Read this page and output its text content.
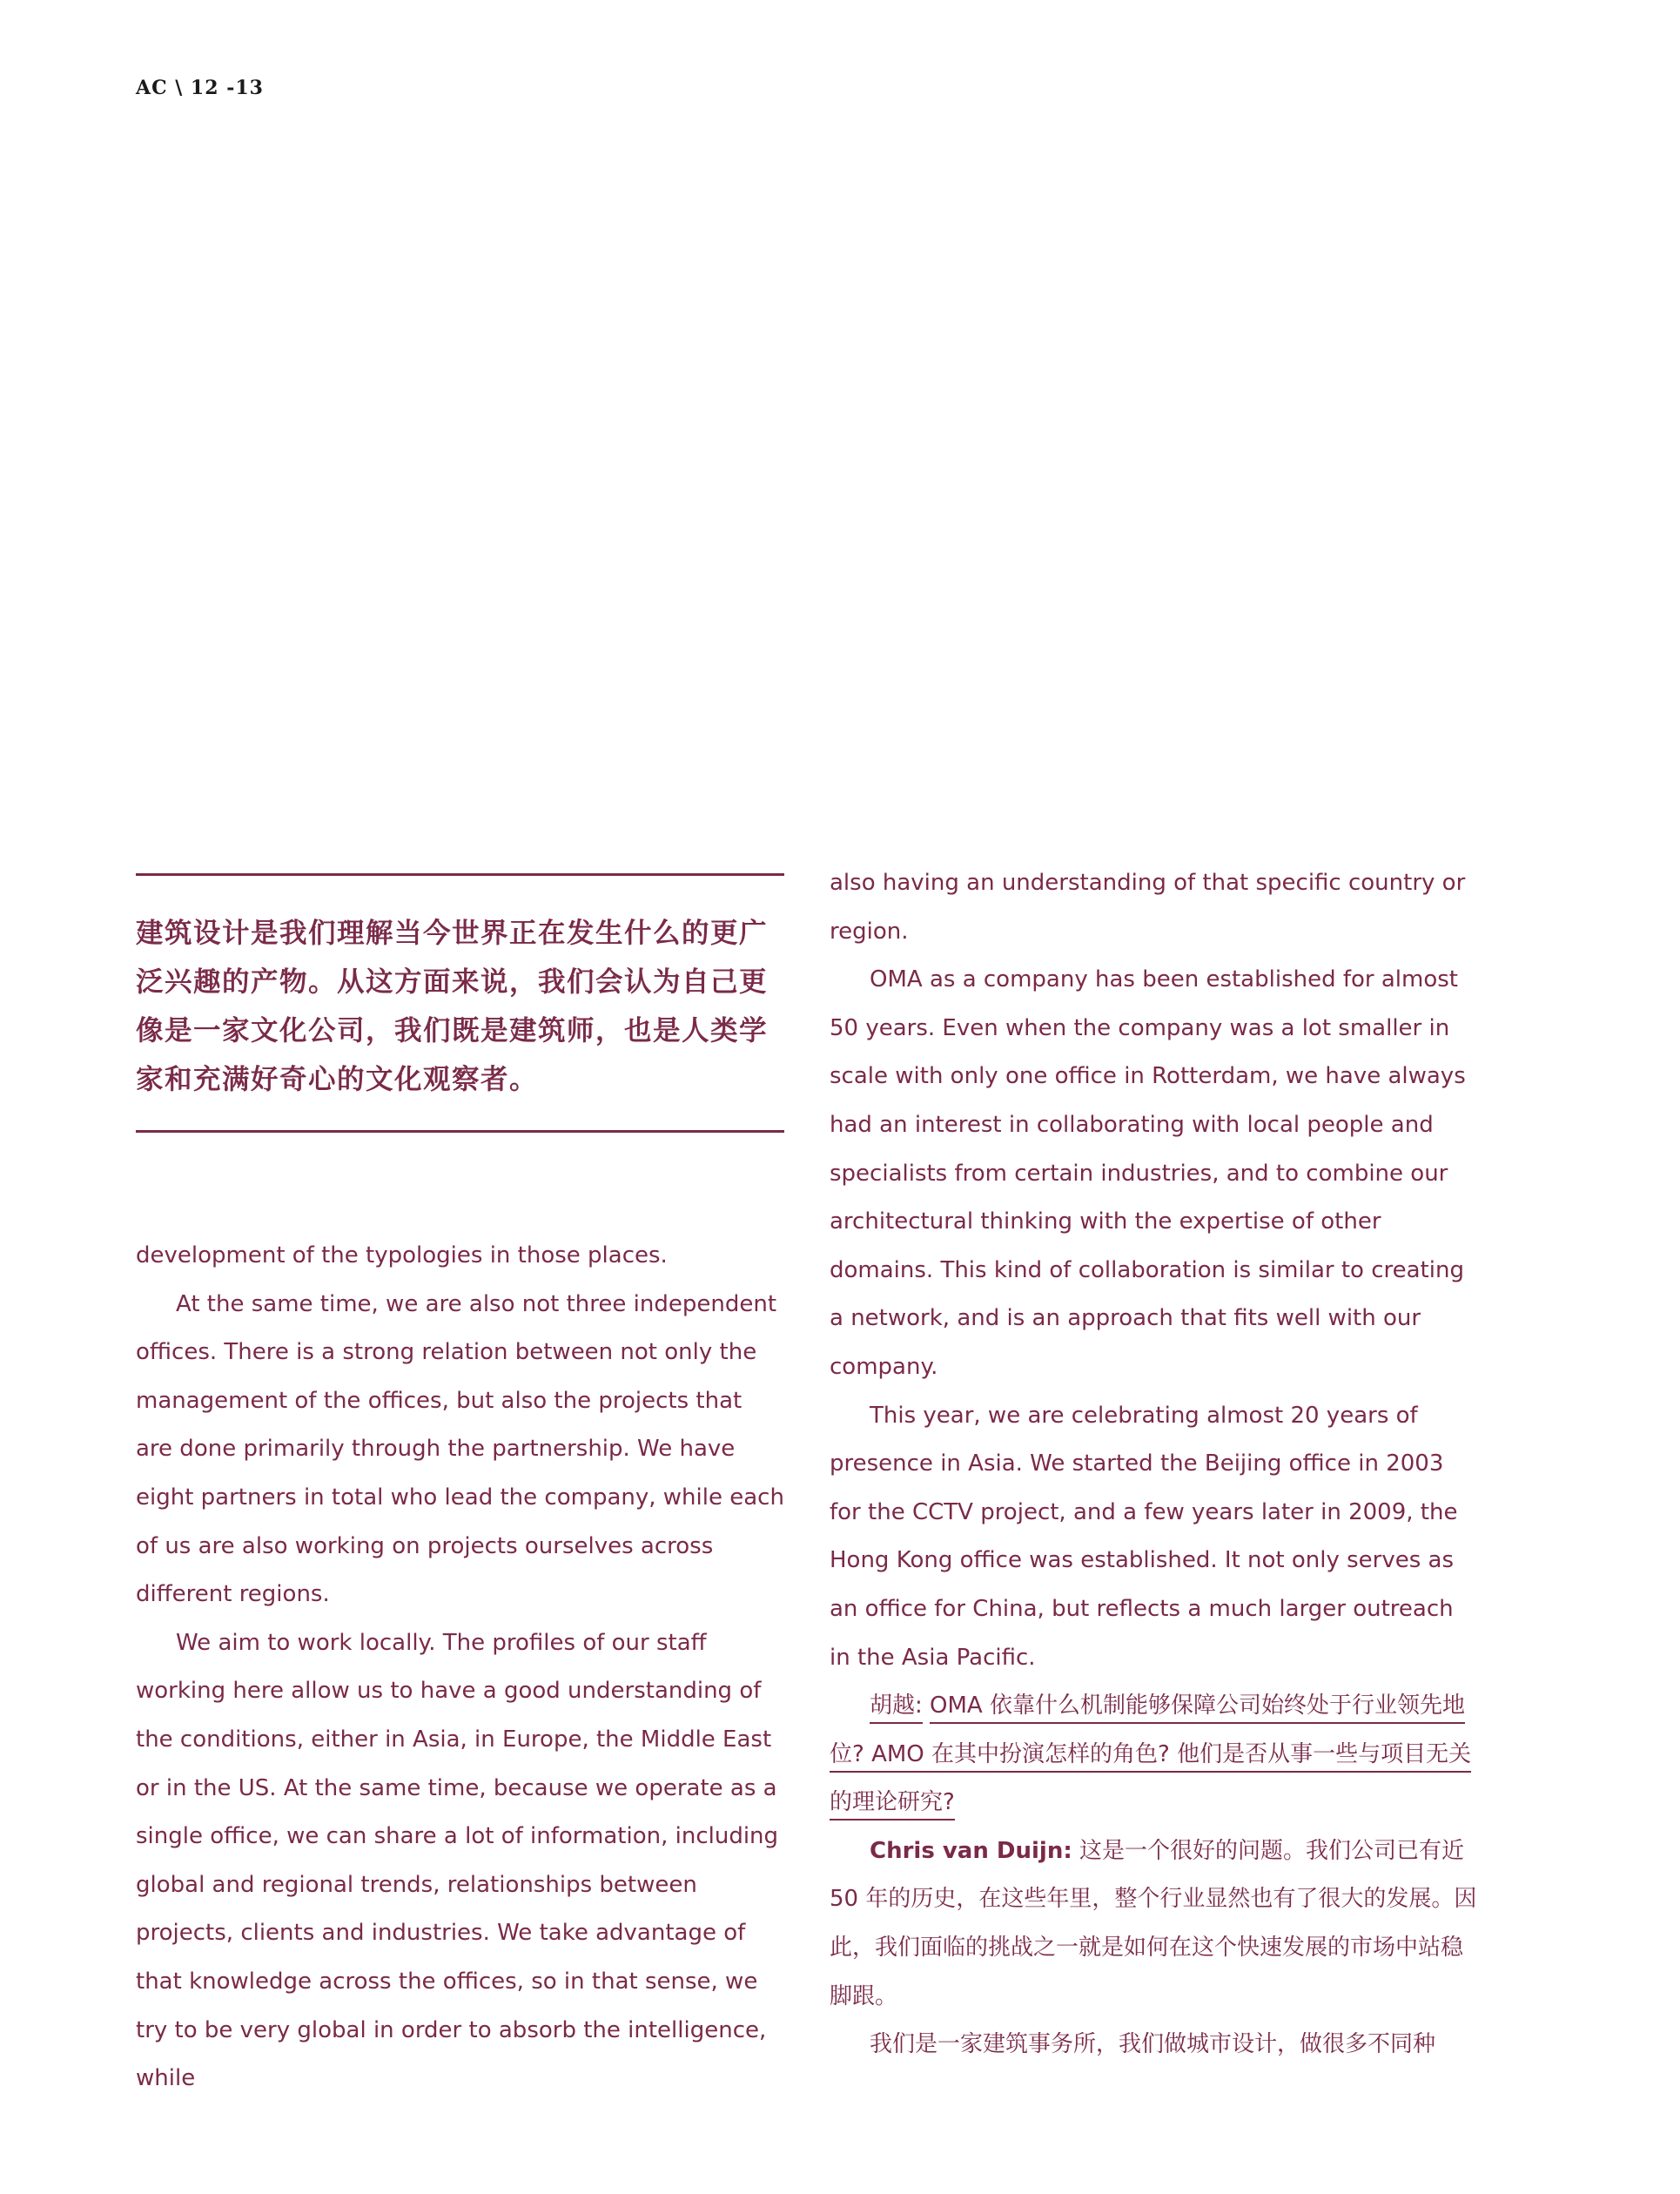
AC \ 12 -13

建筑设计是我们理解当今世界正在发生什么的更广泛兴趣的产物。从这方面来说，我们会认为自己更像是一家文化公司，我们既是建筑师，也是人类学家和充满好奇心的文化观察者。

development of the typologies in those places.

At the same time, we are also not three independent offices. There is a strong relation between not only the management of the offices, but also the projects that are done primarily through the partnership. We have eight partners in total who lead the company, while each of us are also working on projects ourselves across different regions.

We aim to work locally. The profiles of our staff working here allow us to have a good understanding of the conditions, either in Asia, in Europe, the Middle East or in the US. At the same time, because we operate as a single office, we can share a lot of information, including global and regional trends, relationships between projects, clients and industries. We take advantage of that knowledge across the offices, so in that sense, we try to be very global in order to absorb the intelligence, while

also having an understanding of that specific country or region.

OMA as a company has been established for almost 50 years. Even when the company was a lot smaller in scale with only one office in Rotterdam, we have always had an interest in collaborating with local people and specialists from certain industries, and to combine our architectural thinking with the expertise of other domains. This kind of collaboration is similar to creating a network, and is an approach that fits well with our company.

This year, we are celebrating almost 20 years of presence in Asia. We started the Beijing office in 2003 for the CCTV project, and a few years later in 2009, the Hong Kong office was established. It not only serves as an office for China, but reflects a much larger outreach in the Asia Pacific.

胡越: OMA 依靠什么机制能够保障公司始终处于行业领先地位? AMO 在其中扮演怎样的角色? 他们是否从事一些与项目无关的理论研究?

Chris van Duijn: 这是一个很好的问题。我们公司已有近 50 年的历史，在这些年里，整个行业显然也有了很大的发展。因此，我们面临的挑战之一就是如何在这个快速发展的市场中站稳脚跟。

我们是一家建筑事务所，我们做城市设计，做很多不同种
